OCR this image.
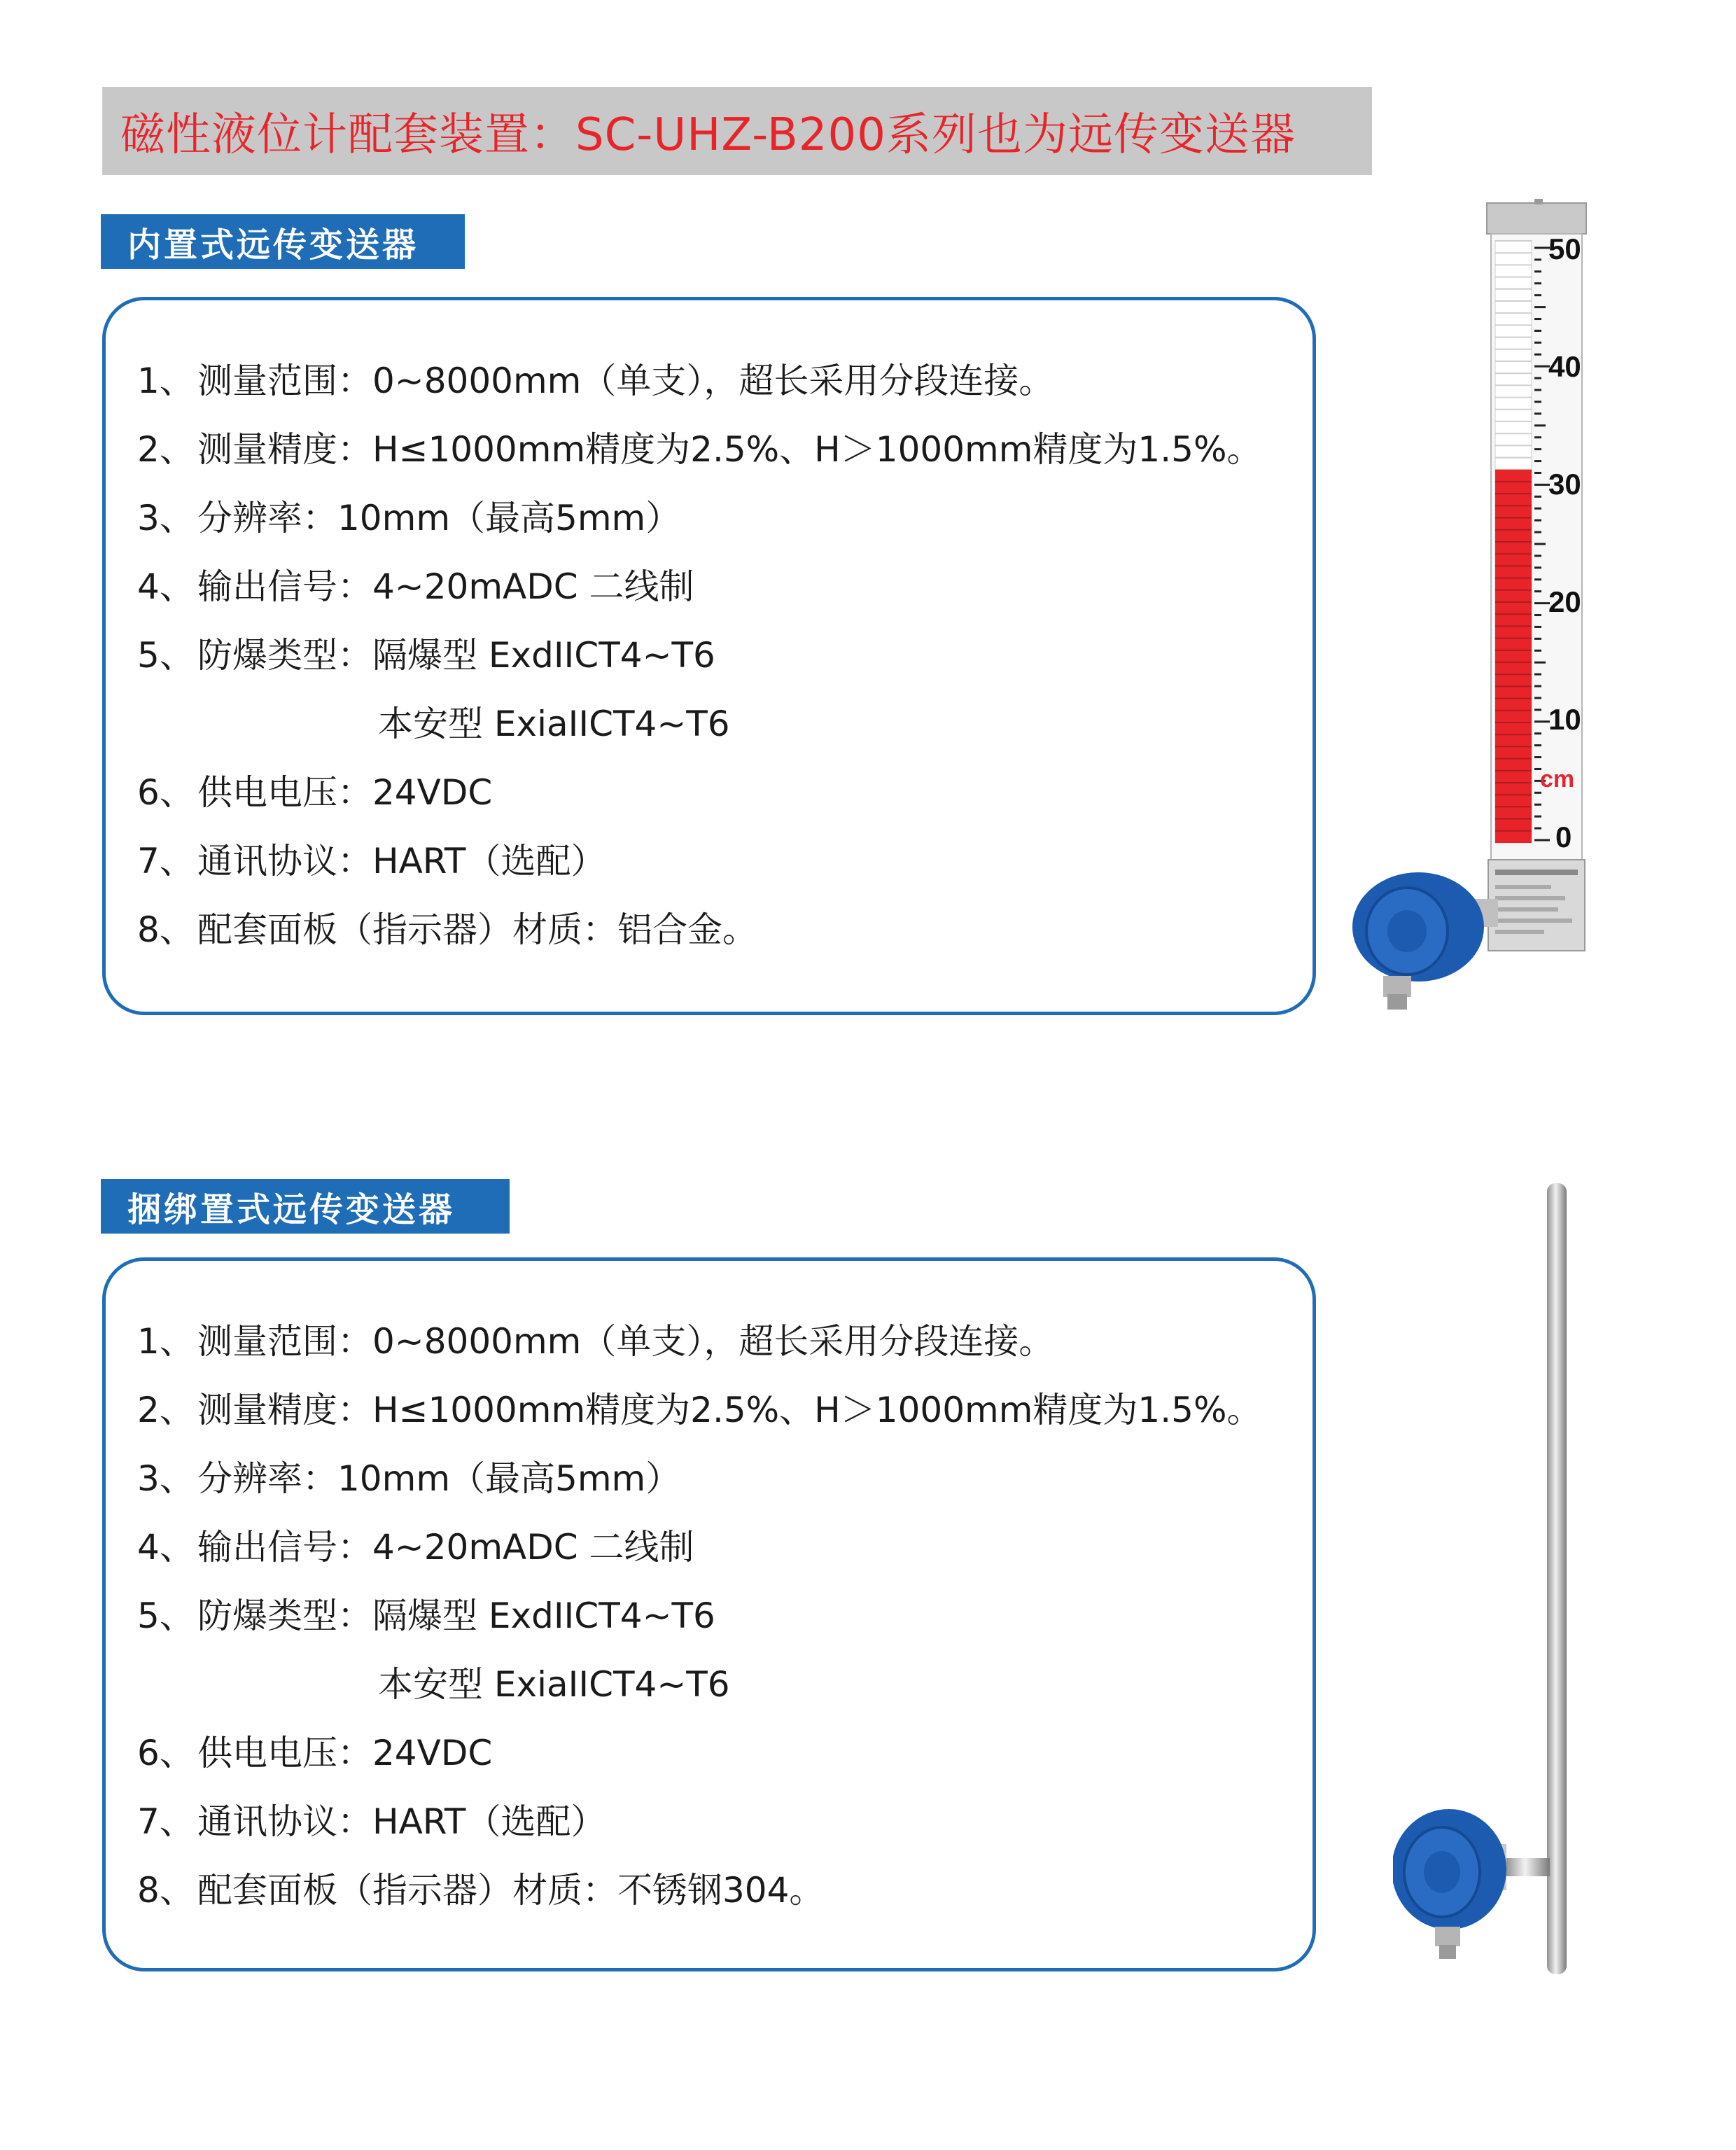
磁性液位计配套装置：SC-UHZ-B200系列也为远传变送器
内置式远传变送器
1、测量范围：0~8000mm（单支），超长采用分段连接。
2、测量精度：H≤1000mm精度为2.5%、H＞1000mm精度为1.5%。
3、分辨率：10mm（最高5mm）
4、输出信号：4~20mADC 二线制
5、防爆类型：隔爆型 ExdIICT4~T6
本安型 ExiaIICT4~T6
6、供电电压：24VDC
7、通讯协议：HART（选配）
8、配套面板（指示器）材质：铝合金。
50
40
30
20
10
cm
0
捆绑置式远传变送器
1、测量范围：0~8000mm（单支），超长采用分段连接。
2、测量精度：H≤1000mm精度为2.5%、H＞1000mm精度为1.5%。
3、分辨率：10mm（最高5mm）
4、输出信号：4~20mADC 二线制
5、防爆类型：隔爆型 ExdIICT4~T6
本安型 ExiaIICT4~T6
6、供电电压：24VDC
7、通讯协议：HART（选配）
8、配套面板（指示器）材质：不锈钢304。
